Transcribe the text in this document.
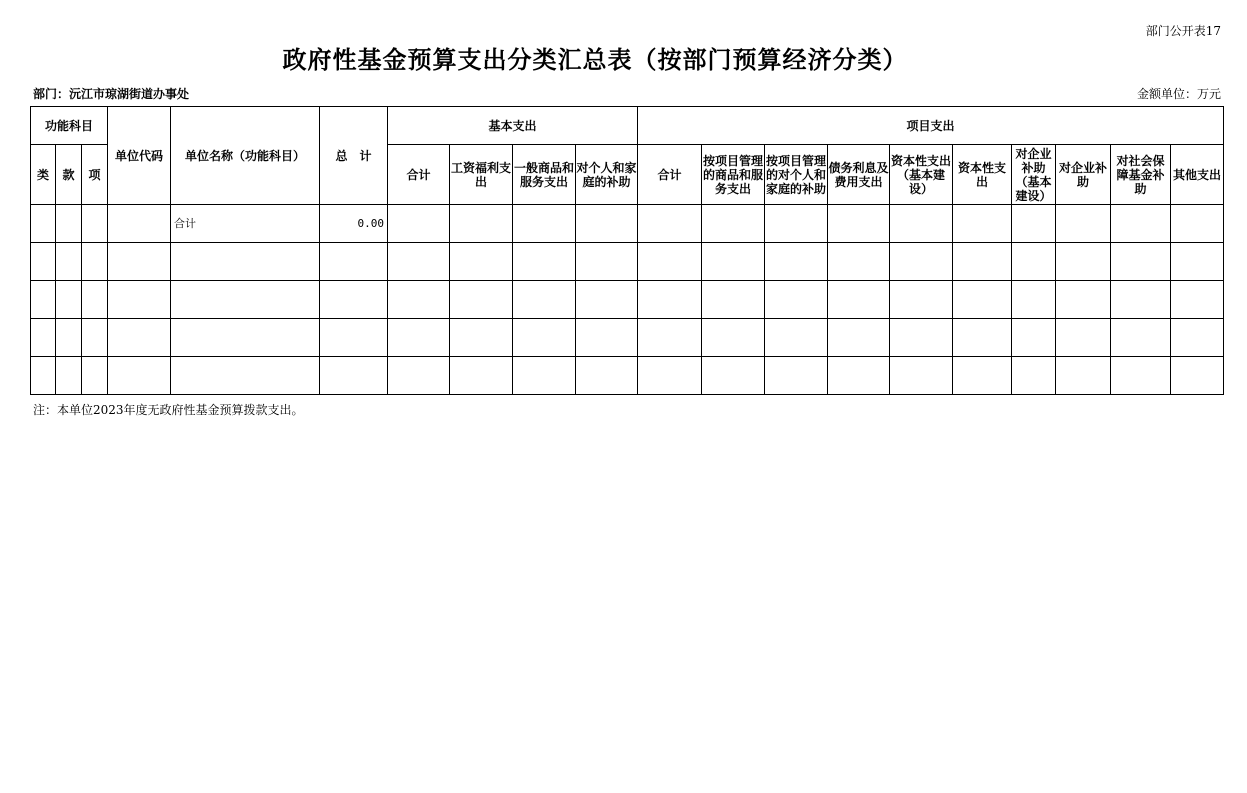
部门公开表17
政府性基金预算支出分类汇总表（按部门预算经济分类）
部门：沅江市琼湖街道办事处	金额单位：万元
功能科目			单位代码	单位名称（功能科目）	总　计	基本支出				项目支出									
类	款	项				合计	工资福利支出	一般商品和服务支出	对个人和家庭的补助	合计	按项目管理的商品和服务支出	按项目管理的对个人和家庭的补助	债务利息及费用支出	资本性支出（基本建设）	资本性支出	对企业补助（基本建设）	对企业补助	对社会保障基金补助	其他支出
				合计	0.00														

注：本单位2023年度无政府性基金预算拨款支出。
